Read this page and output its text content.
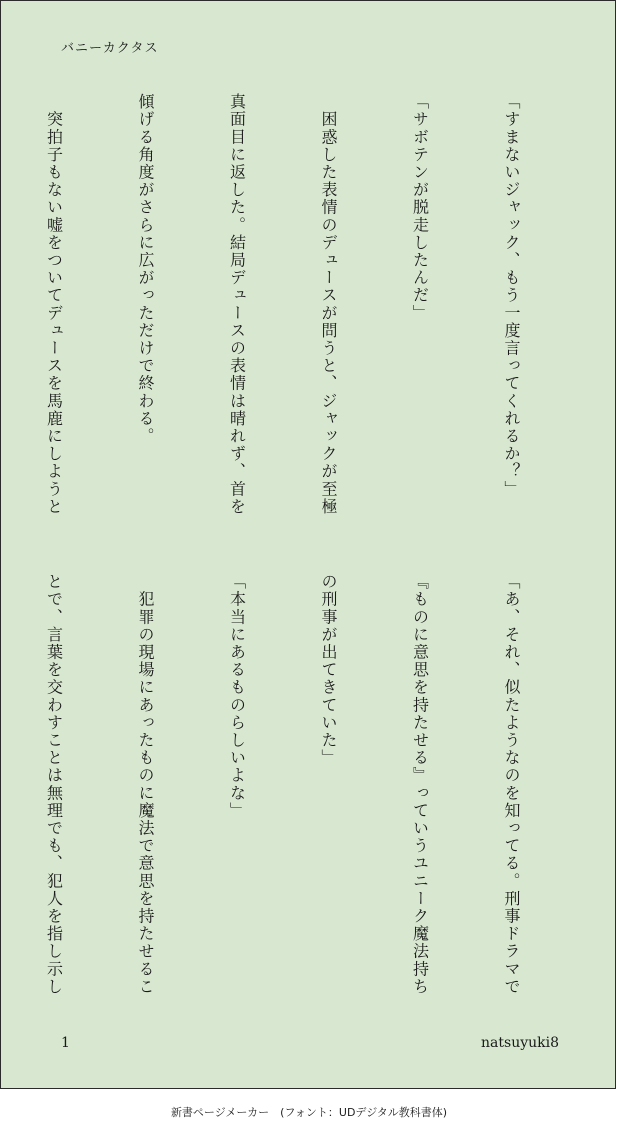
バニーカクタス

「すまないジャック、もう一度言ってくれるか？」

「サボテンが脱走したんだ」

　困惑した表情のデュースが問うと、ジャックが至極

真面目に返した。結局デュースの表情は晴れず、首を

傾げる角度がさらに広がっただけで終わる。

　突拍子もない嘘をついてデュースを馬鹿にしようと

「あ、それ、似たようなのを知ってる。刑事ドラマで

『ものに意思を持たせる』っていうユニーク魔法持ち

の刑事が出てきていた」

「本当にあるものらしいよな」

　犯罪の現場にあったものに魔法で意思を持たせるこ

とで、言葉を交わすことは無理でも、犯人を指し示し

1	natsuyuki8
新書ページメーカー　(フォント：UDデジタル教科書体)
